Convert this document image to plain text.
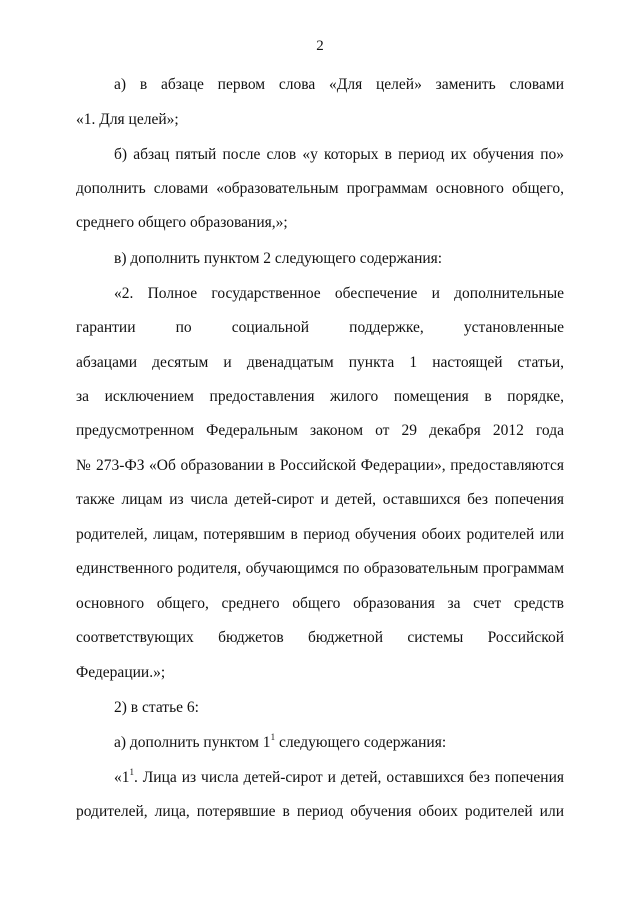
2
а) в абзаце первом слова «Для целей» заменить словами
«1. Для целей»;
б) абзац пятый после слов «у которых в период их обучения по»
дополнить словами «образовательным программам основного общего,
среднего общего образования,»;
в) дополнить пунктом 2 следующего содержания:
«2. Полное государственное обеспечение и дополнительные
гарантии по социальной поддержке, установленные
абзацами десятым и двенадцатым пункта 1 настоящей статьи,
за исключением предоставления жилого помещения в порядке,
предусмотренном Федеральным законом от 29 декабря 2012 года
№ 273-ФЗ «Об образовании в Российской Федерации», предоставляются
также лицам из числа детей-сирот и детей, оставшихся без попечения
родителей, лицам, потерявшим в период обучения обоих родителей или
единственного родителя, обучающимся по образовательным программам
основного общего, среднего общего образования за счет средств
соответствующих бюджетов бюджетной системы Российской
Федерации.»;
2) в статье 6:
а) дополнить пунктом $1^1$ следующего содержания:
«$1^1$. Лица из числа детей-сирот и детей, оставшихся без попечения
родителей, лица, потерявшие в период обучения обоих родителей или
